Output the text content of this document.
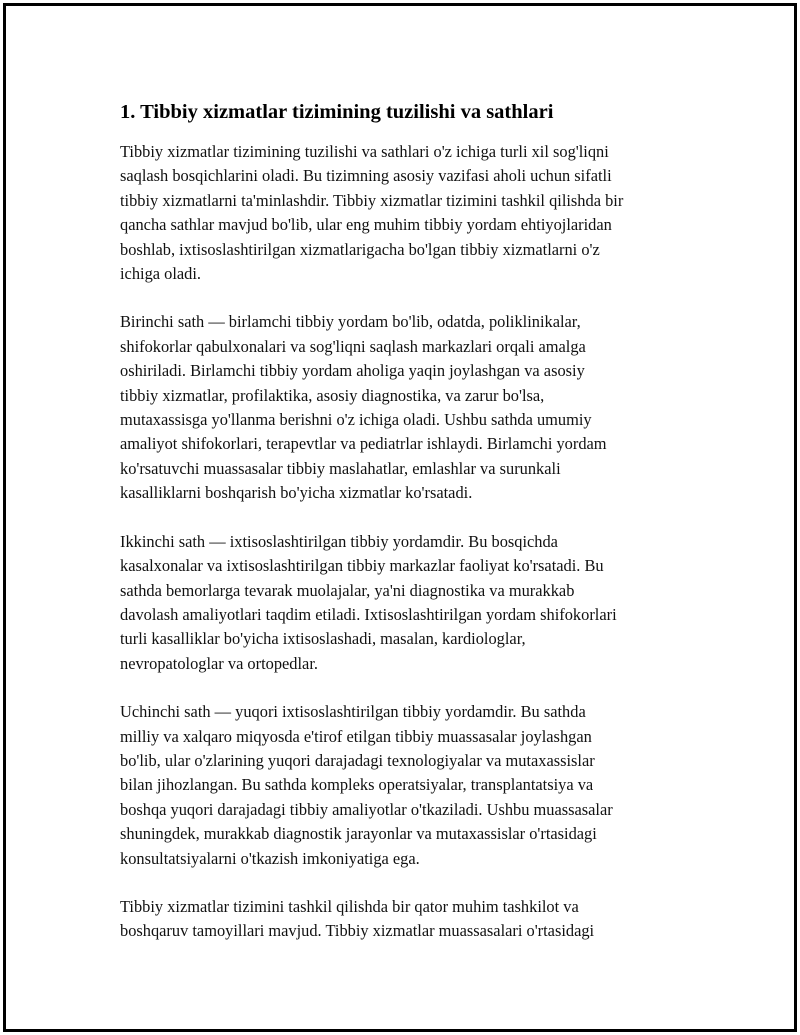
1. Tibbiy xizmatlar tizimining tuzilishi va sathlari

Tibbiy xizmatlar tizimining tuzilishi va sathlari o'z ichiga turli xil sog'liqni
saqlash bosqichlarini oladi. Bu tizimning asosiy vazifasi aholi uchun sifatli
tibbiy xizmatlarni ta'minlashdir. Tibbiy xizmatlar tizimini tashkil qilishda bir
qancha sathlar mavjud bo'lib, ular eng muhim tibbiy yordam ehtiyojlaridan
boshlab, ixtisoslashtirilgan xizmatlarigacha bo'lgan tibbiy xizmatlarni o'z
ichiga oladi.

Birinchi sath — birlamchi tibbiy yordam bo'lib, odatda, poliklinikalar,
shifokorlar qabulxonalari va sog'liqni saqlash markazlari orqali amalga
oshiriladi. Birlamchi tibbiy yordam aholiga yaqin joylashgan va asosiy
tibbiy xizmatlar, profilaktika, asosiy diagnostika, va zarur bo'lsa,
mutaxassisga yo'llanma berishni o'z ichiga oladi. Ushbu sathda umumiy
amaliyot shifokorlari, terapevtlar va pediatrlar ishlaydi. Birlamchi yordam
ko'rsatuvchi muassasalar tibbiy maslahatlar, emlashlar va surunkali
kasalliklarni boshqarish bo'yicha xizmatlar ko'rsatadi.

Ikkinchi sath — ixtisoslashtirilgan tibbiy yordamdir. Bu bosqichda
kasalxonalar va ixtisoslashtirilgan tibbiy markazlar faoliyat ko'rsatadi. Bu
sathda bemorlarga tevarak muolajalar, ya'ni diagnostika va murakkab
davolash amaliyotlari taqdim etiladi. Ixtisoslashtirilgan yordam shifokorlari
turli kasalliklar bo'yicha ixtisoslashadi, masalan, kardiologlar,
nevropatologlar va ortopedlar.

Uchinchi sath — yuqori ixtisoslashtirilgan tibbiy yordamdir. Bu sathda
milliy va xalqaro miqyosda e'tirof etilgan tibbiy muassasalar joylashgan
bo'lib, ular o'zlarining yuqori darajadagi texnologiyalar va mutaxassislar
bilan jihozlangan. Bu sathda kompleks operatsiyalar, transplantatsiya va
boshqa yuqori darajadagi tibbiy amaliyotlar o'tkaziladi. Ushbu muassasalar
shuningdek, murakkab diagnostik jarayonlar va mutaxassislar o'rtasidagi
konsultatsiyalarni o'tkazish imkoniyatiga ega.

Tibbiy xizmatlar tizimini tashkil qilishda bir qator muhim tashkilot va
boshqaruv tamoyillari mavjud. Tibbiy xizmatlar muassasalari o'rtasidagi
